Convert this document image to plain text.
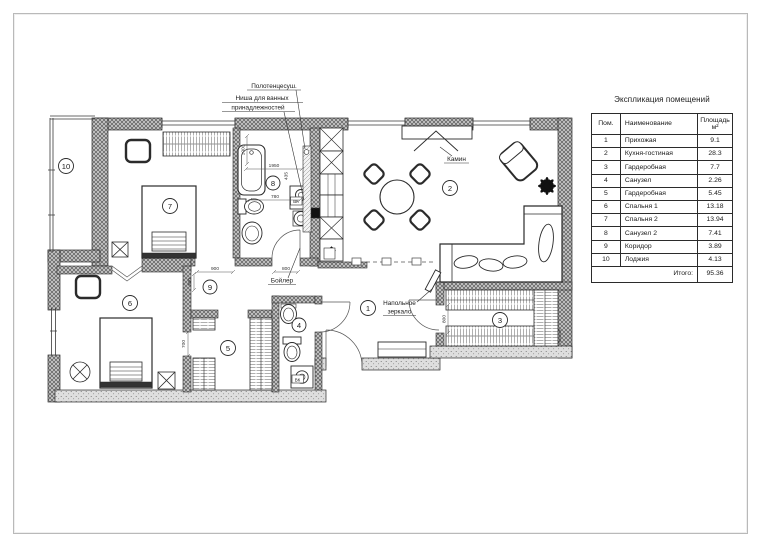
900	800
300
700
800
1000
1950
435
780
ВК
ВК
1
2
3
4
5
6
7
8
9
10
Полотенцесуш.
Ниша для ванных
принадлежностей
Камин
Бойлер
Напольное
зеркало
Экспликация помещений
Пом.	Наименование	Площадь
м²
1	Прихожая	9.1
2	Кухня-гостиная	28.3
3	Гардеробная	7.7
4	Санузел	2.26
5	Гардеробная	5.45
6	Спальня 1	13.18
7	Спальня 2	13.94
8	Санузел 2	7.41
9	Коридор	3.89
10	Лоджия	4.13
Итого:		95.36
